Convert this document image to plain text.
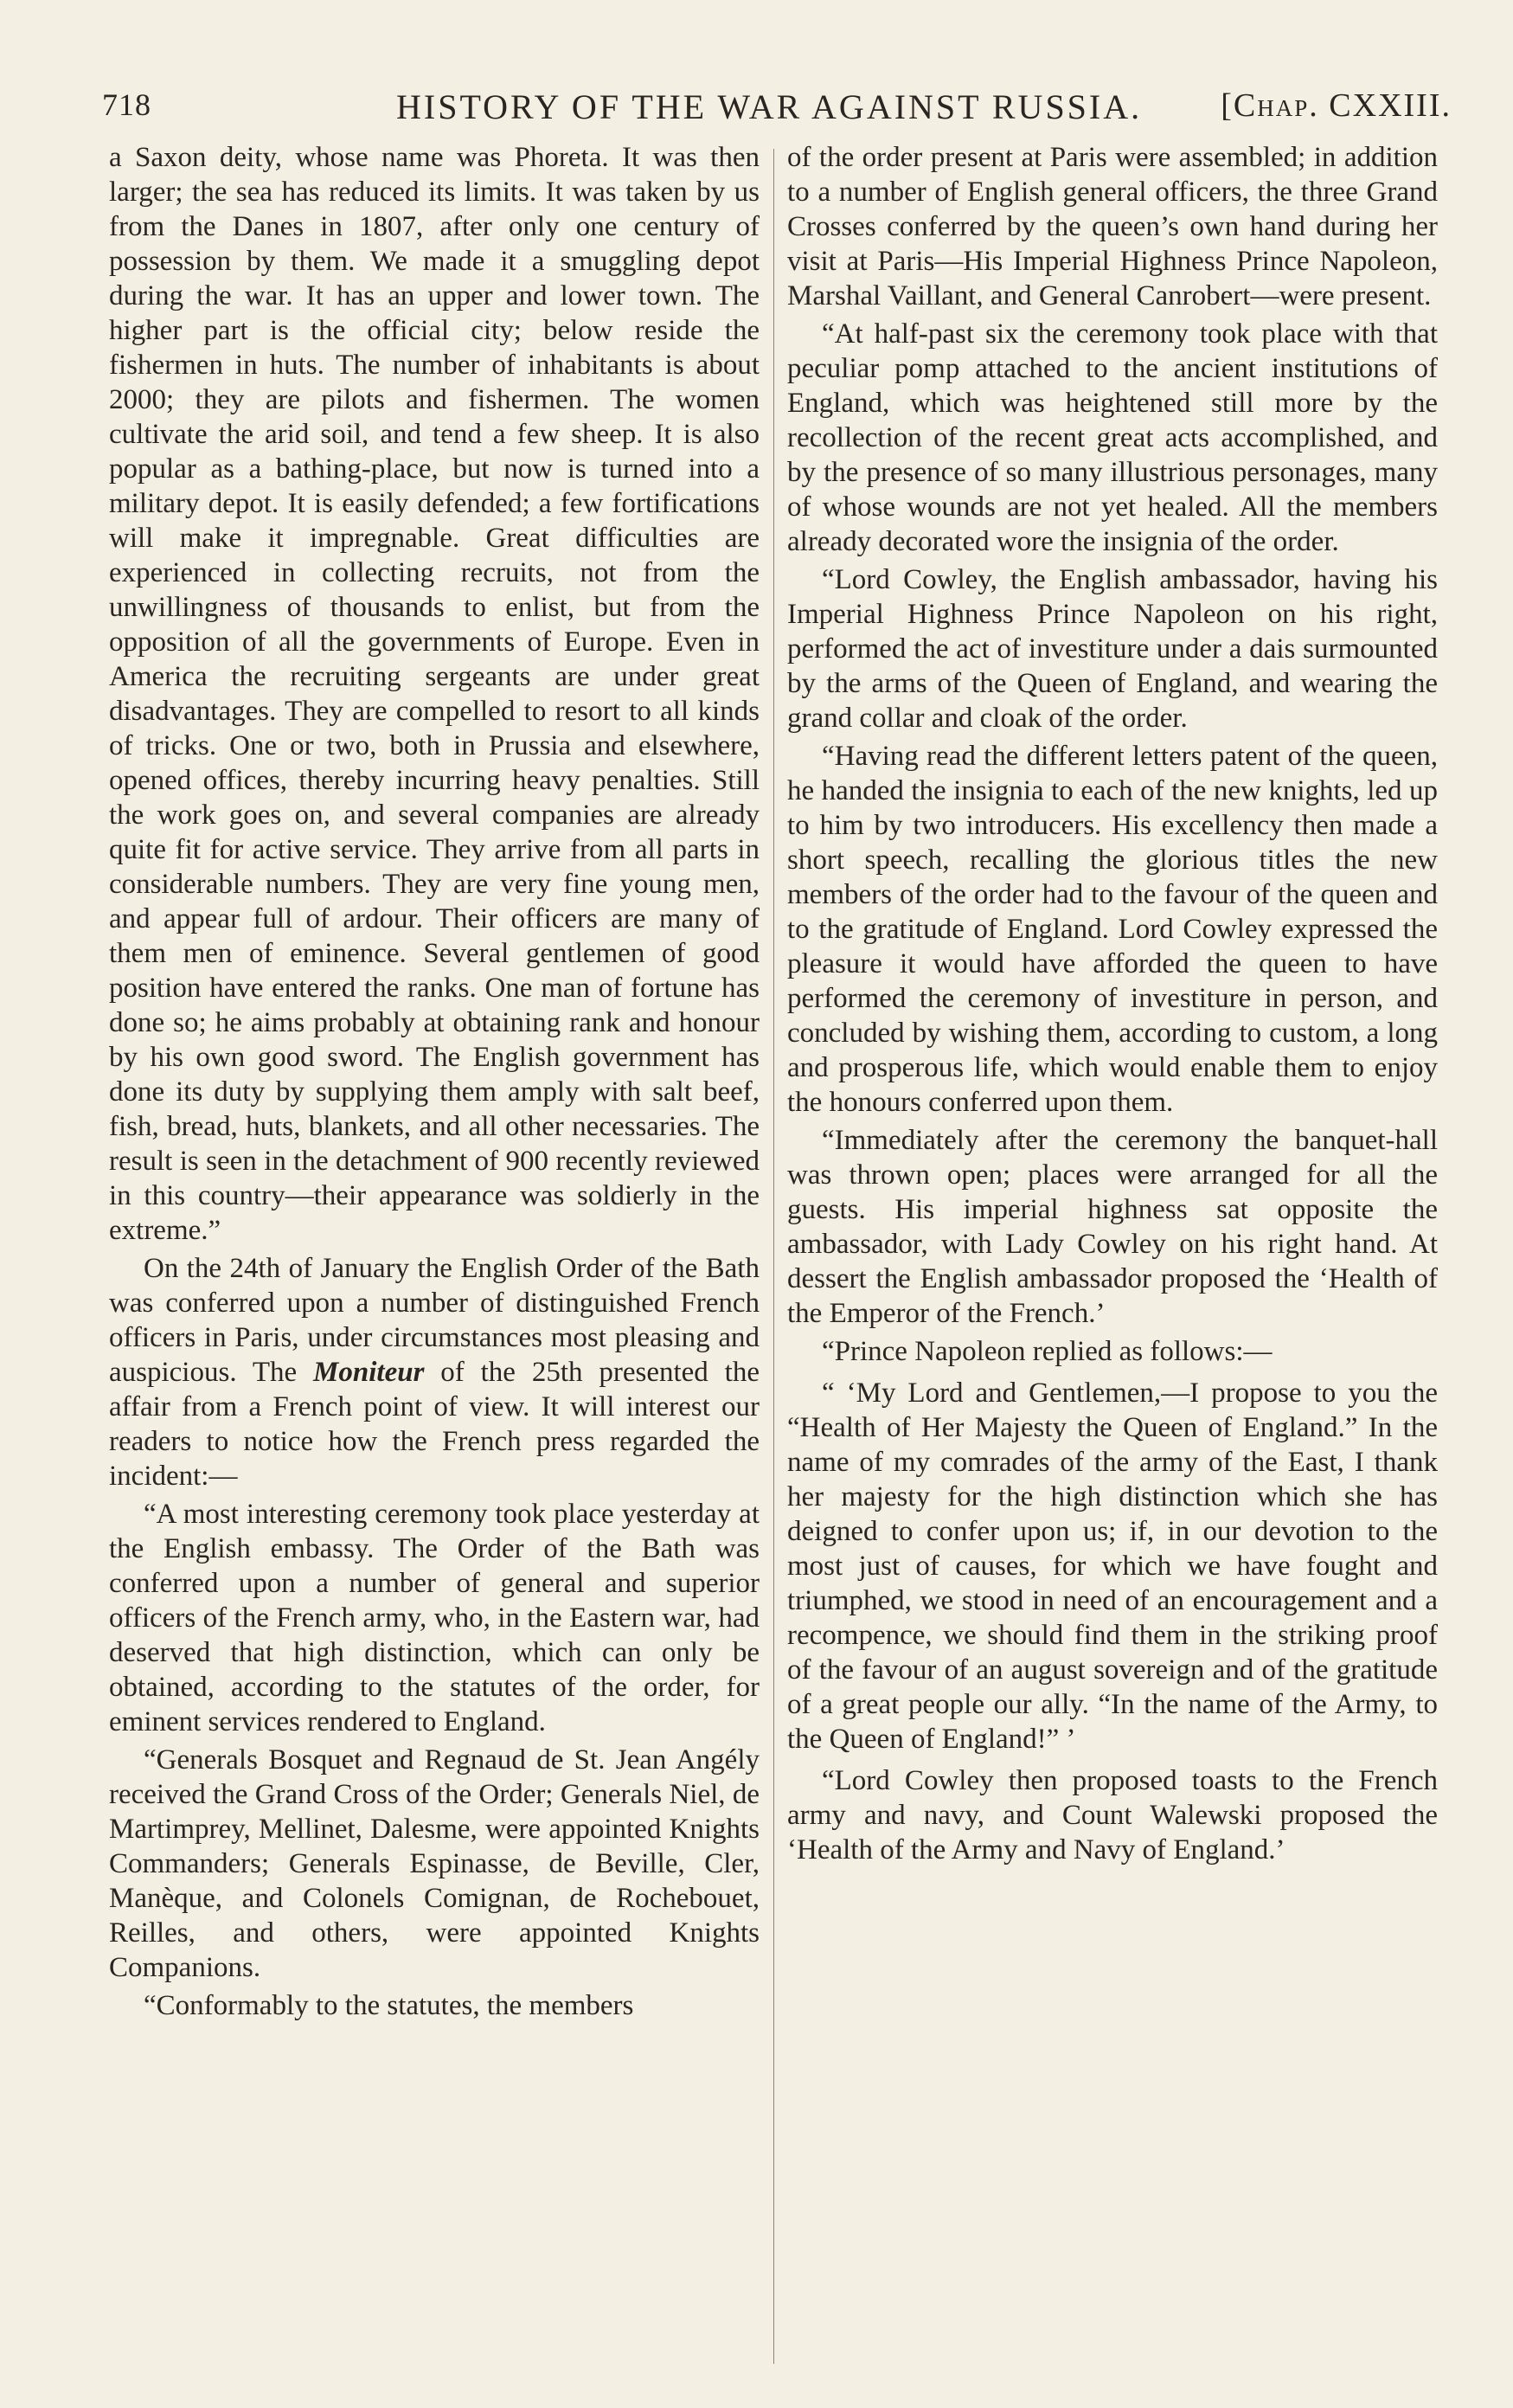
718	HISTORY OF THE WAR AGAINST RUSSIA. [Chap. CXXIII.

a Saxon deity, whose name was Phoreta. It was then larger; the sea has reduced its limits. It was taken by us from the Danes in 1807, after only one century of possession by them. We made it a smuggling depot during the war. It has an upper and lower town. The higher part is the official city; below reside the fishermen in huts. The number of inhabitants is about 2000; they are pilots and fishermen. The women cultivate the arid soil, and tend a few sheep. It is also popular as a bathing-place, but now is turned into a military depot. It is easily defended; a few fortifications will make it impregnable. Great difficulties are experienced in collecting recruits, not from the unwillingness of thousands to enlist, but from the opposition of all the governments of Europe. Even in America the recruiting sergeants are under great disadvantages. They are compelled to resort to all kinds of tricks. One or two, both in Prussia and elsewhere, opened offices, thereby incurring heavy penalties. Still the work goes on, and several companies are already quite fit for active service. They arrive from all parts in considerable numbers. They are very fine young men, and appear full of ardour. Their officers are many of them men of eminence. Several gentlemen of good position have entered the ranks. One man of fortune has done so; he aims probably at obtaining rank and honour by his own good sword. The English government has done its duty by supplying them amply with salt beef, fish, bread, huts, blankets, and all other necessaries. The result is seen in the detachment of 900 recently reviewed in this country—their appearance was soldierly in the extreme.”

On the 24th of January the English Order of the Bath was conferred upon a number of distinguished French officers in Paris, under circumstances most pleasing and auspicious. The Moniteur of the 25th presented the affair from a French point of view. It will interest our readers to notice how the French press regarded the incident:—

“A most interesting ceremony took place yesterday at the English embassy. The Order of the Bath was conferred upon a number of general and superior officers of the French army, who, in the Eastern war, had deserved that high distinction, which can only be obtained, according to the statutes of the order, for eminent services rendered to England.

“Generals Bosquet and Regnaud de St. Jean Angély received the Grand Cross of the Order; Generals Niel, de Martimprey, Mellinet, Dalesme, were appointed Knights Commanders; Generals Espinasse, de Beville, Cler, Manèque, and Colonels Comignan, de Rochebouet, Reilles, and others, were appointed Knights Companions.

“Conformably to the statutes, the members

of the order present at Paris were assembled; in addition to a number of English general officers, the three Grand Crosses conferred by the queen’s own hand during her visit at Paris—His Imperial Highness Prince Napoleon, Marshal Vaillant, and General Canrobert—were present.

“At half-past six the ceremony took place with that peculiar pomp attached to the ancient institutions of England, which was heightened still more by the recollection of the recent great acts accomplished, and by the presence of so many illustrious personages, many of whose wounds are not yet healed. All the members already decorated wore the insignia of the order.

“Lord Cowley, the English ambassador, having his Imperial Highness Prince Napoleon on his right, performed the act of investiture under a dais surmounted by the arms of the Queen of England, and wearing the grand collar and cloak of the order.

“Having read the different letters patent of the queen, he handed the insignia to each of the new knights, led up to him by two introducers. His excellency then made a short speech, recalling the glorious titles the new members of the order had to the favour of the queen and to the gratitude of England. Lord Cowley expressed the pleasure it would have afforded the queen to have performed the ceremony of investiture in person, and concluded by wishing them, according to custom, a long and prosperous life, which would enable them to enjoy the honours conferred upon them.

“Immediately after the ceremony the banquet-hall was thrown open; places were arranged for all the guests. His imperial highness sat opposite the ambassador, with Lady Cowley on his right hand. At dessert the English ambassador proposed the ‘Health of the Emperor of the French.’

“Prince Napoleon replied as follows:—

“ ‘My Lord and Gentlemen,—I propose to you the “Health of Her Majesty the Queen of England.” In the name of my comrades of the army of the East, I thank her majesty for the high distinction which she has deigned to confer upon us; if, in our devotion to the most just of causes, for which we have fought and triumphed, we stood in need of an encouragement and a recompence, we should find them in the striking proof of the favour of an august sovereign and of the gratitude of a great people our ally. “In the name of the Army, to the Queen of England!” ’

“Lord Cowley then proposed toasts to the French army and navy, and Count Walewski proposed the ‘Health of the Army and Navy of England.’
